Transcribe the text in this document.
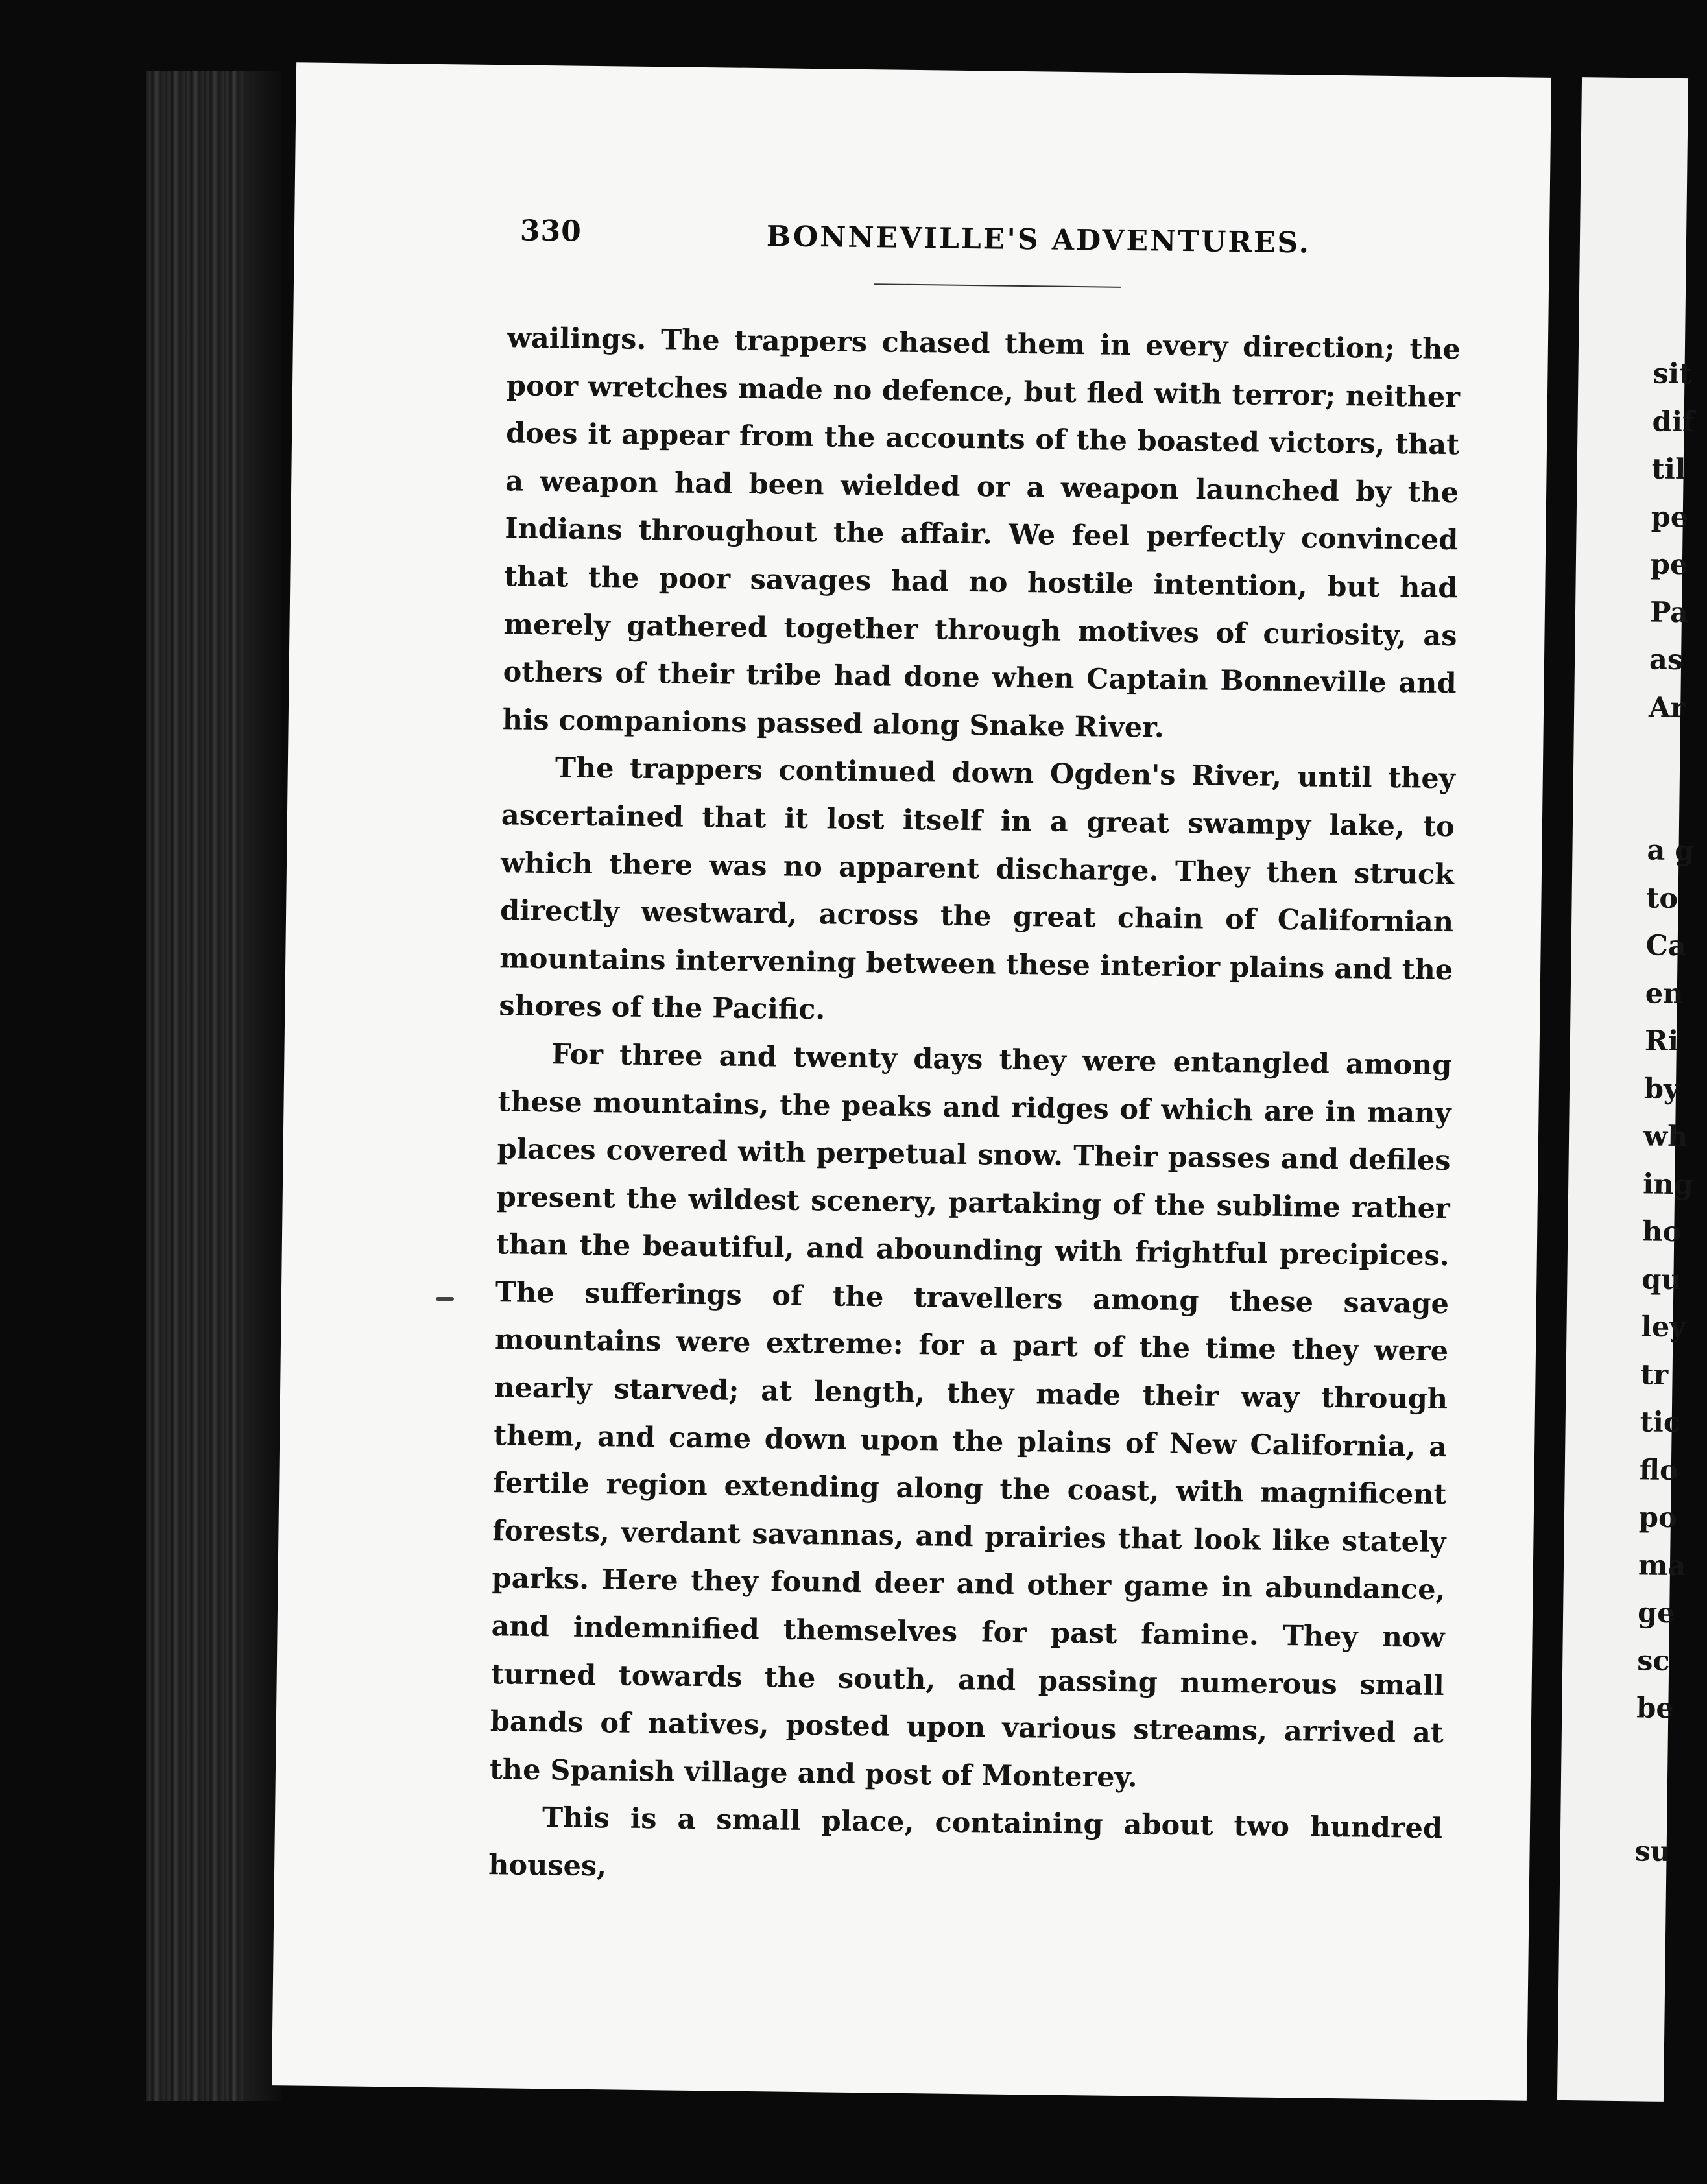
330	BONNEVILLE'S ADVENTURES.

wailings. The trappers chased them in every direction; the poor wretches made no defence, but fled with terror; neither does it appear from the accounts of the boasted victors, that a weapon had been wielded or a weapon launched by the Indians throughout the affair. We feel perfectly convinced that the poor savages had no hostile intention, but had merely gathered together through motives of curiosity, as others of their tribe had done when Captain Bonneville and his companions passed along Snake River.

The trappers continued down Ogden's River, until they ascertained that it lost itself in a great swampy lake, to which there was no apparent discharge. They then struck directly westward, across the great chain of Californian mountains intervening between these interior plains and the shores of the Pacific.

For three and twenty days they were entangled among these mountains, the peaks and ridges of which are in many places covered with perpetual snow. Their passes and defiles present the wildest scenery, partaking of the sublime rather than the beautiful, and abounding with frightful precipices. The sufferings of the travellers among these savage mountains were extreme: for a part of the time they were nearly starved; at length, they made their way through them, and came down upon the plains of New California, a fertile region extending along the coast, with magnificent forests, verdant savannas, and prairies that look like stately parks. Here they found deer and other game in abundance, and indemnified themselves for past famine. They now turned towards the south, and passing numerous small bands of natives, posted upon various streams, arrived at the Spanish village and post of Monterey.

This is a small place, containing about two hundred houses,

sit
dif
til
pe
pe
Pa
as
Ar
a g
to
Ca
en
Ri
by
wh
ing
ho
qu
ley
tr
tic
flo
po
ma
ge
sc
be
su
